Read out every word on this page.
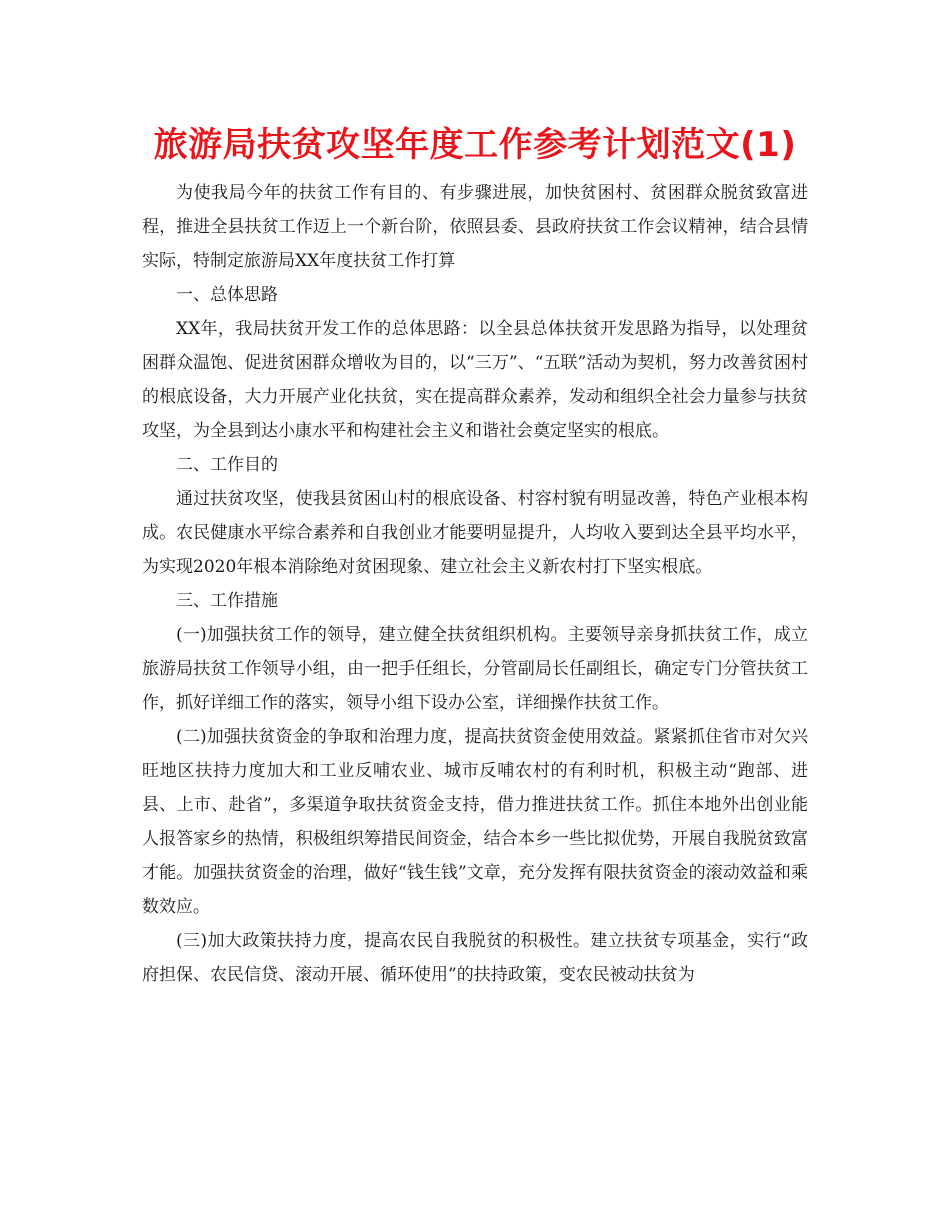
旅游局扶贫攻坚年度工作参考计划范文(1)

为使我局今年的扶贫工作有目的、有步骤进展，加快贫困村、贫困群众脱贫致富进程，推进全县扶贫工作迈上一个新台阶，依照县委、县政府扶贫工作会议精神，结合县情实际，特制定旅游局XX年度扶贫工作打算

一、总体思路

XX年，我局扶贫开发工作的总体思路：以全县总体扶贫开发思路为指导，以处理贫困群众温饱、促进贫困群众增收为目的，以“三万”、“五联”活动为契机，努力改善贫困村的根底设备，大力开展产业化扶贫，实在提高群众素养，发动和组织全社会力量参与扶贫攻坚，为全县到达小康水平和构建社会主义和谐社会奠定坚实的根底。

二、工作目的

通过扶贫攻坚，使我县贫困山村的根底设备、村容村貌有明显改善，特色产业根本构成。农民健康水平综合素养和自我创业才能要明显提升，人均收入要到达全县平均水平，为实现2020年根本消除绝对贫困现象、建立社会主义新农村打下坚实根底。

三、工作措施

(一)加强扶贫工作的领导，建立健全扶贫组织机构。主要领导亲身抓扶贫工作，成立旅游局扶贫工作领导小组，由一把手任组长，分管副局长任副组长，确定专门分管扶贫工作，抓好详细工作的落实，领导小组下设办公室，详细操作扶贫工作。

(二)加强扶贫资金的争取和治理力度，提高扶贫资金使用效益。紧紧抓住省市对欠兴旺地区扶持力度加大和工业反哺农业、城市反哺农村的有利时机，积极主动“跑部、进县、上市、赴省”，多渠道争取扶贫资金支持，借力推进扶贫工作。抓住本地外出创业能人报答家乡的热情，积极组织筹措民间资金，结合本乡一些比拟优势，开展自我脱贫致富才能。加强扶贫资金的治理，做好“钱生钱”文章，充分发挥有限扶贫资金的滚动效益和乘数效应。

(三)加大政策扶持力度，提高农民自我脱贫的积极性。建立扶贫专项基金，实行“政府担保、农民信贷、滚动开展、循环使用”的扶持政策，变农民被动扶贫为
